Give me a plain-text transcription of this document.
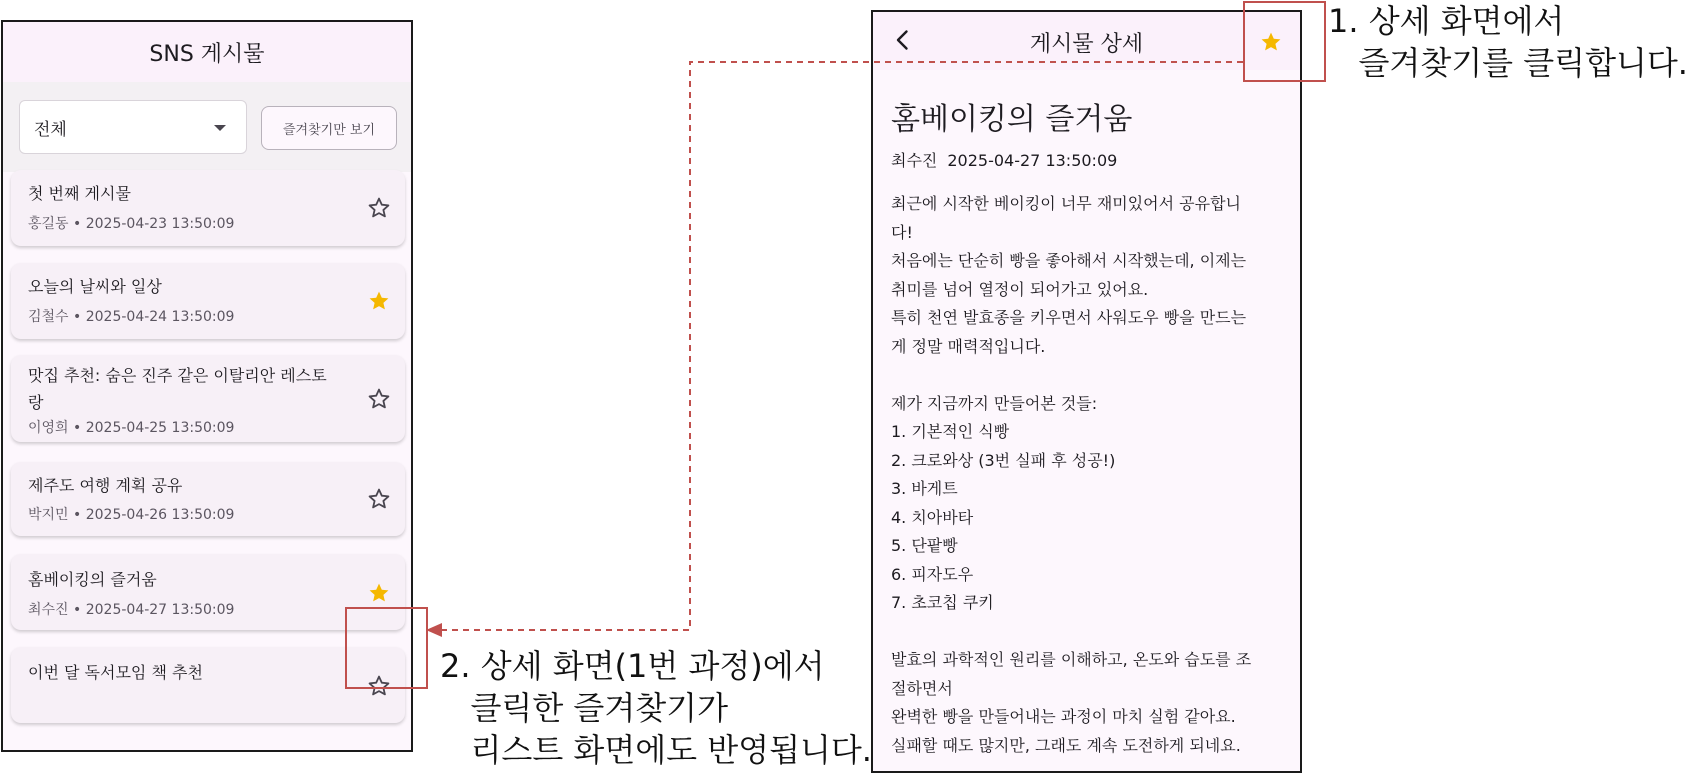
SNS 게시물
전체	즐겨찾기만 보기
첫 번째 게시물
홍길동 • 2025-04-23 13:50:09
오늘의 날씨와 일상
김철수 • 2025-04-24 13:50:09
맛집 추천: 숨은 진주 같은 이탈리안 레스토랑
이영희 • 2025-04-25 13:50:09
제주도 여행 계획 공유
박지민 • 2025-04-26 13:50:09
홈베이킹의 즐거움
최수진 • 2025-04-27 13:50:09
이번 달 독서모임 책 추천
게시물 상세
홈베이킹의 즐거움
최수진 2025-04-27 13:50:09
최근에 시작한 베이킹이 너무 재미있어서 공유합니
다!
처음에는 단순히 빵을 좋아해서 시작했는데, 이제는
취미를 넘어 열정이 되어가고 있어요.
특히 천연 발효종을 키우면서 사워도우 빵을 만드는
게 정말 매력적입니다.
제가 지금까지 만들어본 것들:
1. 기본적인 식빵
2. 크로와상 (3번 실패 후 성공!)
3. 바게트
4. 치아바타
5. 단팥빵
6. 피자도우
7. 초코칩 쿠키
발효의 과학적인 원리를 이해하고, 온도와 습도를 조
절하면서
완벽한 빵을 만들어내는 과정이 마치 실험 같아요.
실패할 때도 많지만, 그래도 계속 도전하게 되네요.
1. 상세 화면에서
즐겨찾기를 클릭합니다.
2. 상세 화면(1번 과정)에서
클릭한 즐겨찾기가
리스트 화면에도 반영됩니다.
